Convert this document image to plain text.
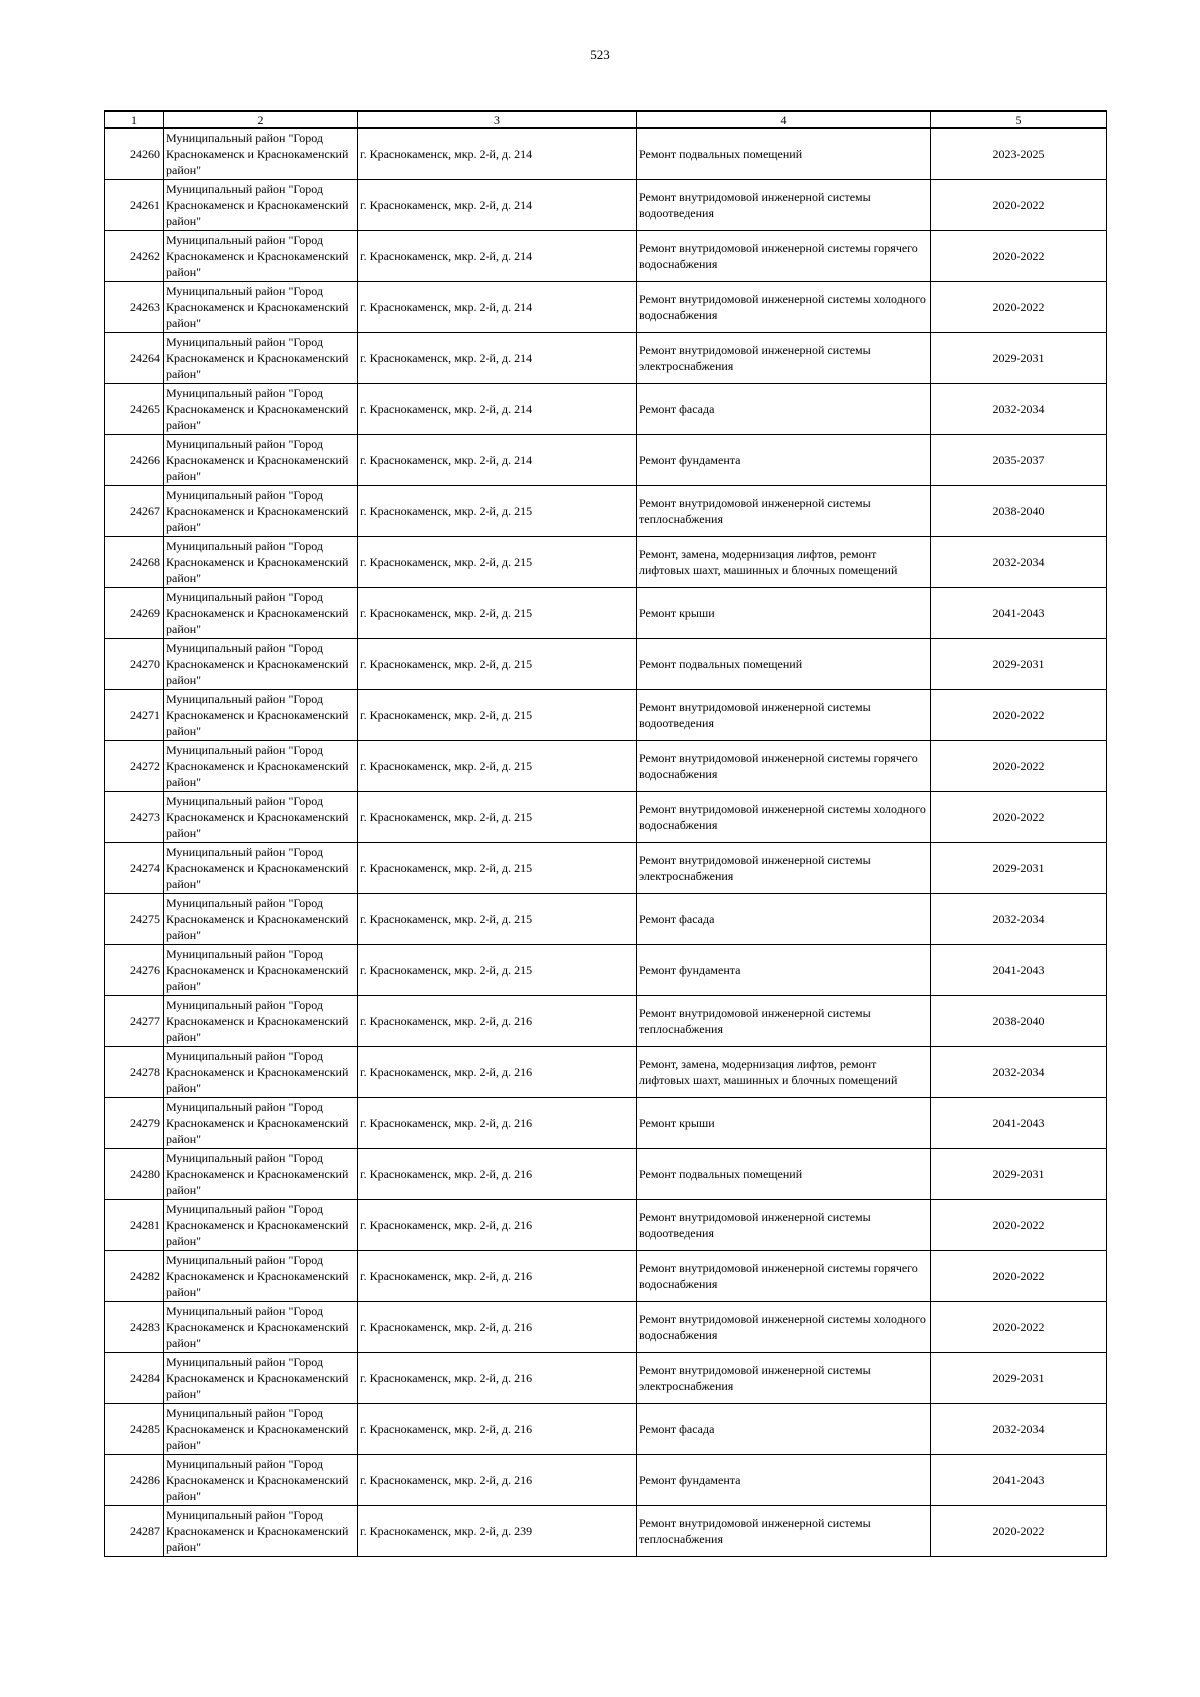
523
1	2	3	4	5
24260	Муниципальный район "Город Краснокаменск и Краснокаменский район"	г. Краснокаменск, мкр. 2-й, д. 214	Ремонт подвальных помещений	2023-2025
24261	Муниципальный район "Город Краснокаменск и Краснокаменский район"	г. Краснокаменск, мкр. 2-й, д. 214	Ремонт внутридомовой инженерной системы водоотведения	2020-2022
24262	Муниципальный район "Город Краснокаменск и Краснокаменский район"	г. Краснокаменск, мкр. 2-й, д. 214	Ремонт внутридомовой инженерной системы горячего водоснабжения	2020-2022
24263	Муниципальный район "Город Краснокаменск и Краснокаменский район"	г. Краснокаменск, мкр. 2-й, д. 214	Ремонт внутридомовой инженерной системы холодного водоснабжения	2020-2022
24264	Муниципальный район "Город Краснокаменск и Краснокаменский район"	г. Краснокаменск, мкр. 2-й, д. 214	Ремонт внутридомовой инженерной системы электроснабжения	2029-2031
24265	Муниципальный район "Город Краснокаменск и Краснокаменский район"	г. Краснокаменск, мкр. 2-й, д. 214	Ремонт фасада	2032-2034
24266	Муниципальный район "Город Краснокаменск и Краснокаменский район"	г. Краснокаменск, мкр. 2-й, д. 214	Ремонт фундамента	2035-2037
24267	Муниципальный район "Город Краснокаменск и Краснокаменский район"	г. Краснокаменск, мкр. 2-й, д. 215	Ремонт внутридомовой инженерной системы теплоснабжения	2038-2040
24268	Муниципальный район "Город Краснокаменск и Краснокаменский район"	г. Краснокаменск, мкр. 2-й, д. 215	Ремонт, замена, модернизация лифтов, ремонт лифтовых шахт, машинных и блочных помещений	2032-2034
24269	Муниципальный район "Город Краснокаменск и Краснокаменский район"	г. Краснокаменск, мкр. 2-й, д. 215	Ремонт крыши	2041-2043
24270	Муниципальный район "Город Краснокаменск и Краснокаменский район"	г. Краснокаменск, мкр. 2-й, д. 215	Ремонт подвальных помещений	2029-2031
24271	Муниципальный район "Город Краснокаменск и Краснокаменский район"	г. Краснокаменск, мкр. 2-й, д. 215	Ремонт внутридомовой инженерной системы водоотведения	2020-2022
24272	Муниципальный район "Город Краснокаменск и Краснокаменский район"	г. Краснокаменск, мкр. 2-й, д. 215	Ремонт внутридомовой инженерной системы горячего водоснабжения	2020-2022
24273	Муниципальный район "Город Краснокаменск и Краснокаменский район"	г. Краснокаменск, мкр. 2-й, д. 215	Ремонт внутридомовой инженерной системы холодного водоснабжения	2020-2022
24274	Муниципальный район "Город Краснокаменск и Краснокаменский район"	г. Краснокаменск, мкр. 2-й, д. 215	Ремонт внутридомовой инженерной системы электроснабжения	2029-2031
24275	Муниципальный район "Город Краснокаменск и Краснокаменский район"	г. Краснокаменск, мкр. 2-й, д. 215	Ремонт фасада	2032-2034
24276	Муниципальный район "Город Краснокаменск и Краснокаменский район"	г. Краснокаменск, мкр. 2-й, д. 215	Ремонт фундамента	2041-2043
24277	Муниципальный район "Город Краснокаменск и Краснокаменский район"	г. Краснокаменск, мкр. 2-й, д. 216	Ремонт внутридомовой инженерной системы теплоснабжения	2038-2040
24278	Муниципальный район "Город Краснокаменск и Краснокаменский район"	г. Краснокаменск, мкр. 2-й, д. 216	Ремонт, замена, модернизация лифтов, ремонт лифтовых шахт, машинных и блочных помещений	2032-2034
24279	Муниципальный район "Город Краснокаменск и Краснокаменский район"	г. Краснокаменск, мкр. 2-й, д. 216	Ремонт крыши	2041-2043
24280	Муниципальный район "Город Краснокаменск и Краснокаменский район"	г. Краснокаменск, мкр. 2-й, д. 216	Ремонт подвальных помещений	2029-2031
24281	Муниципальный район "Город Краснокаменск и Краснокаменский район"	г. Краснокаменск, мкр. 2-й, д. 216	Ремонт внутридомовой инженерной системы водоотведения	2020-2022
24282	Муниципальный район "Город Краснокаменск и Краснокаменский район"	г. Краснокаменск, мкр. 2-й, д. 216	Ремонт внутридомовой инженерной системы горячего водоснабжения	2020-2022
24283	Муниципальный район "Город Краснокаменск и Краснокаменский район"	г. Краснокаменск, мкр. 2-й, д. 216	Ремонт внутридомовой инженерной системы холодного водоснабжения	2020-2022
24284	Муниципальный район "Город Краснокаменск и Краснокаменский район"	г. Краснокаменск, мкр. 2-й, д. 216	Ремонт внутридомовой инженерной системы электроснабжения	2029-2031
24285	Муниципальный район "Город Краснокаменск и Краснокаменский район"	г. Краснокаменск, мкр. 2-й, д. 216	Ремонт фасада	2032-2034
24286	Муниципальный район "Город Краснокаменск и Краснокаменский район"	г. Краснокаменск, мкр. 2-й, д. 216	Ремонт фундамента	2041-2043
24287	Муниципальный район "Город Краснокаменск и Краснокаменский район"	г. Краснокаменск, мкр. 2-й, д. 239	Ремонт внутридомовой инженерной системы теплоснабжения	2020-2022
